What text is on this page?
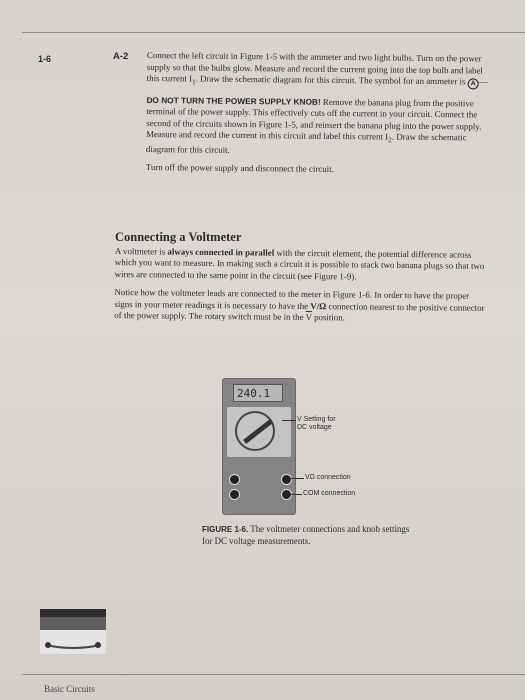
1-6	A-2 Connect the left circuit in Figure 1-5 with the ammeter and two light bulbs. Turn on the power supply so that the bulbs glow. Measure and record the current going into the top bulb and label this current $I_1$. Draw the schematic diagram for this circuit. The symbol for an ammeter is A —

DO NOT TURN THE POWER SUPPLY KNOB! Remove the banana plug from the positive terminal of the power supply. This effectively cuts off the current in your circuit. Connect the second of the circuits shown in Figure 1-5, and reinsert the banana plug into the power supply. Measure and record the current in this circuit and label this current $I_2$. Draw the schematic diagram for this circuit.

Turn off the power supply and disconnect the circuit.

Connecting a Voltmeter

A voltmeter is always connected in parallel with the circuit element, the potential difference across which you want to measure. In making such a circuit it is possible to stack two banana plugs so that two wires are connected to the same point in the circuit (see Figure 1-9).

Notice how the voltmeter leads are connected to the meter in Figure 1-6. In order to have the proper signs in your meter readings it is necessary to have the V/Ω connection nearest to the positive connector of the power supply. The rotary switch must be in the $\overline{V}$ position.

240.1
V Setting for
DC voltage
VΩ connection
COM connection
FIGURE 1-6. The voltmeter connections and knob settings for DC voltage measurements.
Basic Circuits
